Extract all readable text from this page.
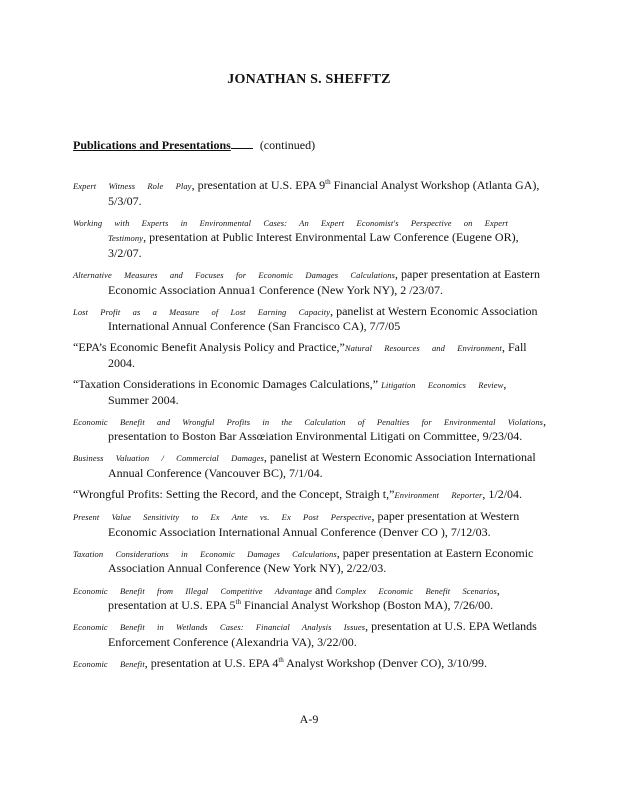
JONATHAN S. SHEFFTZ
Publications and Presentations (continued)
Expert Witness Role Play, presentation at U.S. EPA 9th Financial Analyst Workshop (Atlanta GA), 5/3/07.
Working with Experts in Environmental Cases: An Expert Economist's Perspective on Expert Testimony, presentation at Public Interest Environmental Law Conference (Eugene OR), 3/2/07.
Alternative Measures and Focuses for Economic Damages Calculations, paper presentation at Eastern Economic Association Annua1 Conference (New York NY), 2 /23/07.
Lost Profit as a Measure of Lost Earning Capacity, panelist at Western Economic Association International Annual Conference (San Francisco CA), 7/7/05
“EPA’s Economic Benefit Analysis Policy and Practice,”Natural Resources and Environment, Fall 2004.
“Taxation Considerations in Economic Damages Calculations,” Litigation Economics Review, Summer 2004.
Economic Benefit and Wrongful Profits in the Calculation of Penalties for Environmental Violations, presentation to Boston Bar Assœiation Environmental Litigati on Committee, 9/23/04.
Business Valuation / Commercial Damages, panelist at Western Economic Association International Annual Conference (Vancouver BC), 7/1/04.
“Wrongful Profits: Setting the Record, and the Concept, Straigh t,”Environment Reporter, 1/2/04.
Present Value Sensitivity to Ex Ante vs. Ex Post Perspective, paper presentation at Western Economic Association International Annual Conference (Denver CO ), 7/12/03.
Taxation Considerations in Economic Damages Calculations, paper presentation at Eastern Economic Association Annual Conference (New York NY), 2/22/03.
Economic Benefit from Illegal Competitive Advantage and Complex Economic Benefit Scenarios, presentation at U.S. EPA 5th Financial Analyst Workshop (Boston MA), 7/26/00.
Economic Benefit in Wetlands Cases: Financial Analysis Issues, presentation at U.S. EPA Wetlands Enforcement Conference (Alexandria VA), 3/22/00.
Economic Benefit, presentation at U.S. EPA 4th Analyst Workshop (Denver CO), 3/10/99.
A-9
